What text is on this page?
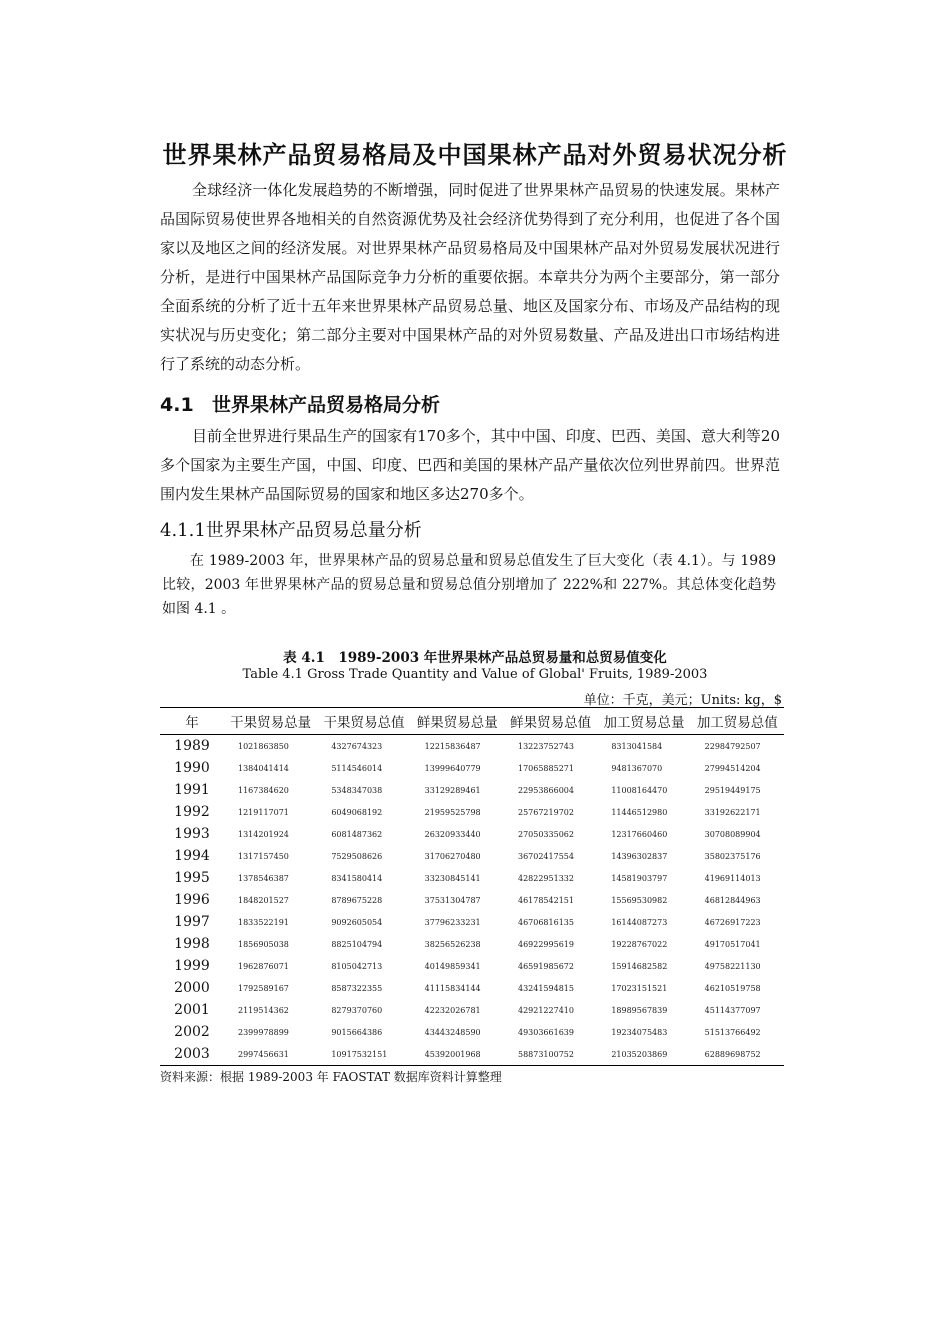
世界果林产品贸易格局及中国果林产品对外贸易状况分析

全球经济一体化发展趋势的不断增强，同时促进了世界果林产品贸易的快速发展。果林产品国际贸易使世界各地相关的自然资源优势及社会经济优势得到了充分利用，也促进了各个国家以及地区之间的经济发展。对世界果林产品贸易格局及中国果林产品对外贸易发展状况进行分析，是进行中国果林产品国际竞争力分析的重要依据。本章共分为两个主要部分，第一部分全面系统的分析了近十五年来世界果林产品贸易总量、地区及国家分布、市场及产品结构的现实状况与历史变化；第二部分主要对中国果林产品的对外贸易数量、产品及进出口市场结构进行了系统的动态分析。

4.1 世界果林产品贸易格局分析

目前全世界进行果品生产的国家有170多个，其中中国、印度、巴西、美国、意大利等20多个国家为主要生产国，中国、印度、巴西和美国的果林产品产量依次位列世界前四。世界范围内发生果林产品国际贸易的国家和地区多达270多个。

4.1.1世界果林产品贸易总量分析

在 1989-2003 年，世界果林产品的贸易总量和贸易总值发生了巨大变化（表 4.1）。与 1989 比较，2003 年世界果林产品的贸易总量和贸易总值分别增加了 222%和 227%。其总体变化趋势如图 4.1 。

表 4.1　1989-2003 年世界果林产品总贸易量和总贸易值变化

Table 4.1 Gross Trade Quantity and Value of Global' Fruits, 1989-2003

单位：千克，美元；Units: kg，$

年	干果贸易总量	干果贸易总值	鲜果贸易总量	鲜果贸易总值	加工贸易总量	加工贸易总值
1989	1021863850	4327674323	12215836487	13223752743	8313041584	22984792507
1990	1384041414	5114546014	13999640779	17065885271	9481367070	27994514204
1991	1167384620	5348347038	33129289461	22953866004	11008164470	29519449175
1992	1219117071	6049068192	21959525798	25767219702	11446512980	33192622171
1993	1314201924	6081487362	26320933440	27050335062	12317660460	30708089904
1994	1317157450	7529508626	31706270480	36702417554	14396302837	35802375176
1995	1378546387	8341580414	33230845141	42822951332	14581903797	41969114013
1996	1848201527	8789675228	37531304787	46178542151	15569530982	46812844963
1997	1833522191	9092605054	37796233231	46706816135	16144087273	46726917223
1998	1856905038	8825104794	38256526238	46922995619	19228767022	49170517041
1999	1962876071	8105042713	40149859341	46591985672	15914682582	49758221130
2000	1792589167	8587322355	41115834144	43241594815	17023151521	46210519758
2001	2119514362	8279370760	42232026781	42921227410	18989567839	45114377097
2002	2399978899	9015664386	43443248590	49303661639	19234075483	51513766492
2003	2997456631	10917532151	45392001968	58873100752	21035203869	62889698752

资料来源：根据 1989-2003 年 FAOSTAT 数据库资料计算整理
